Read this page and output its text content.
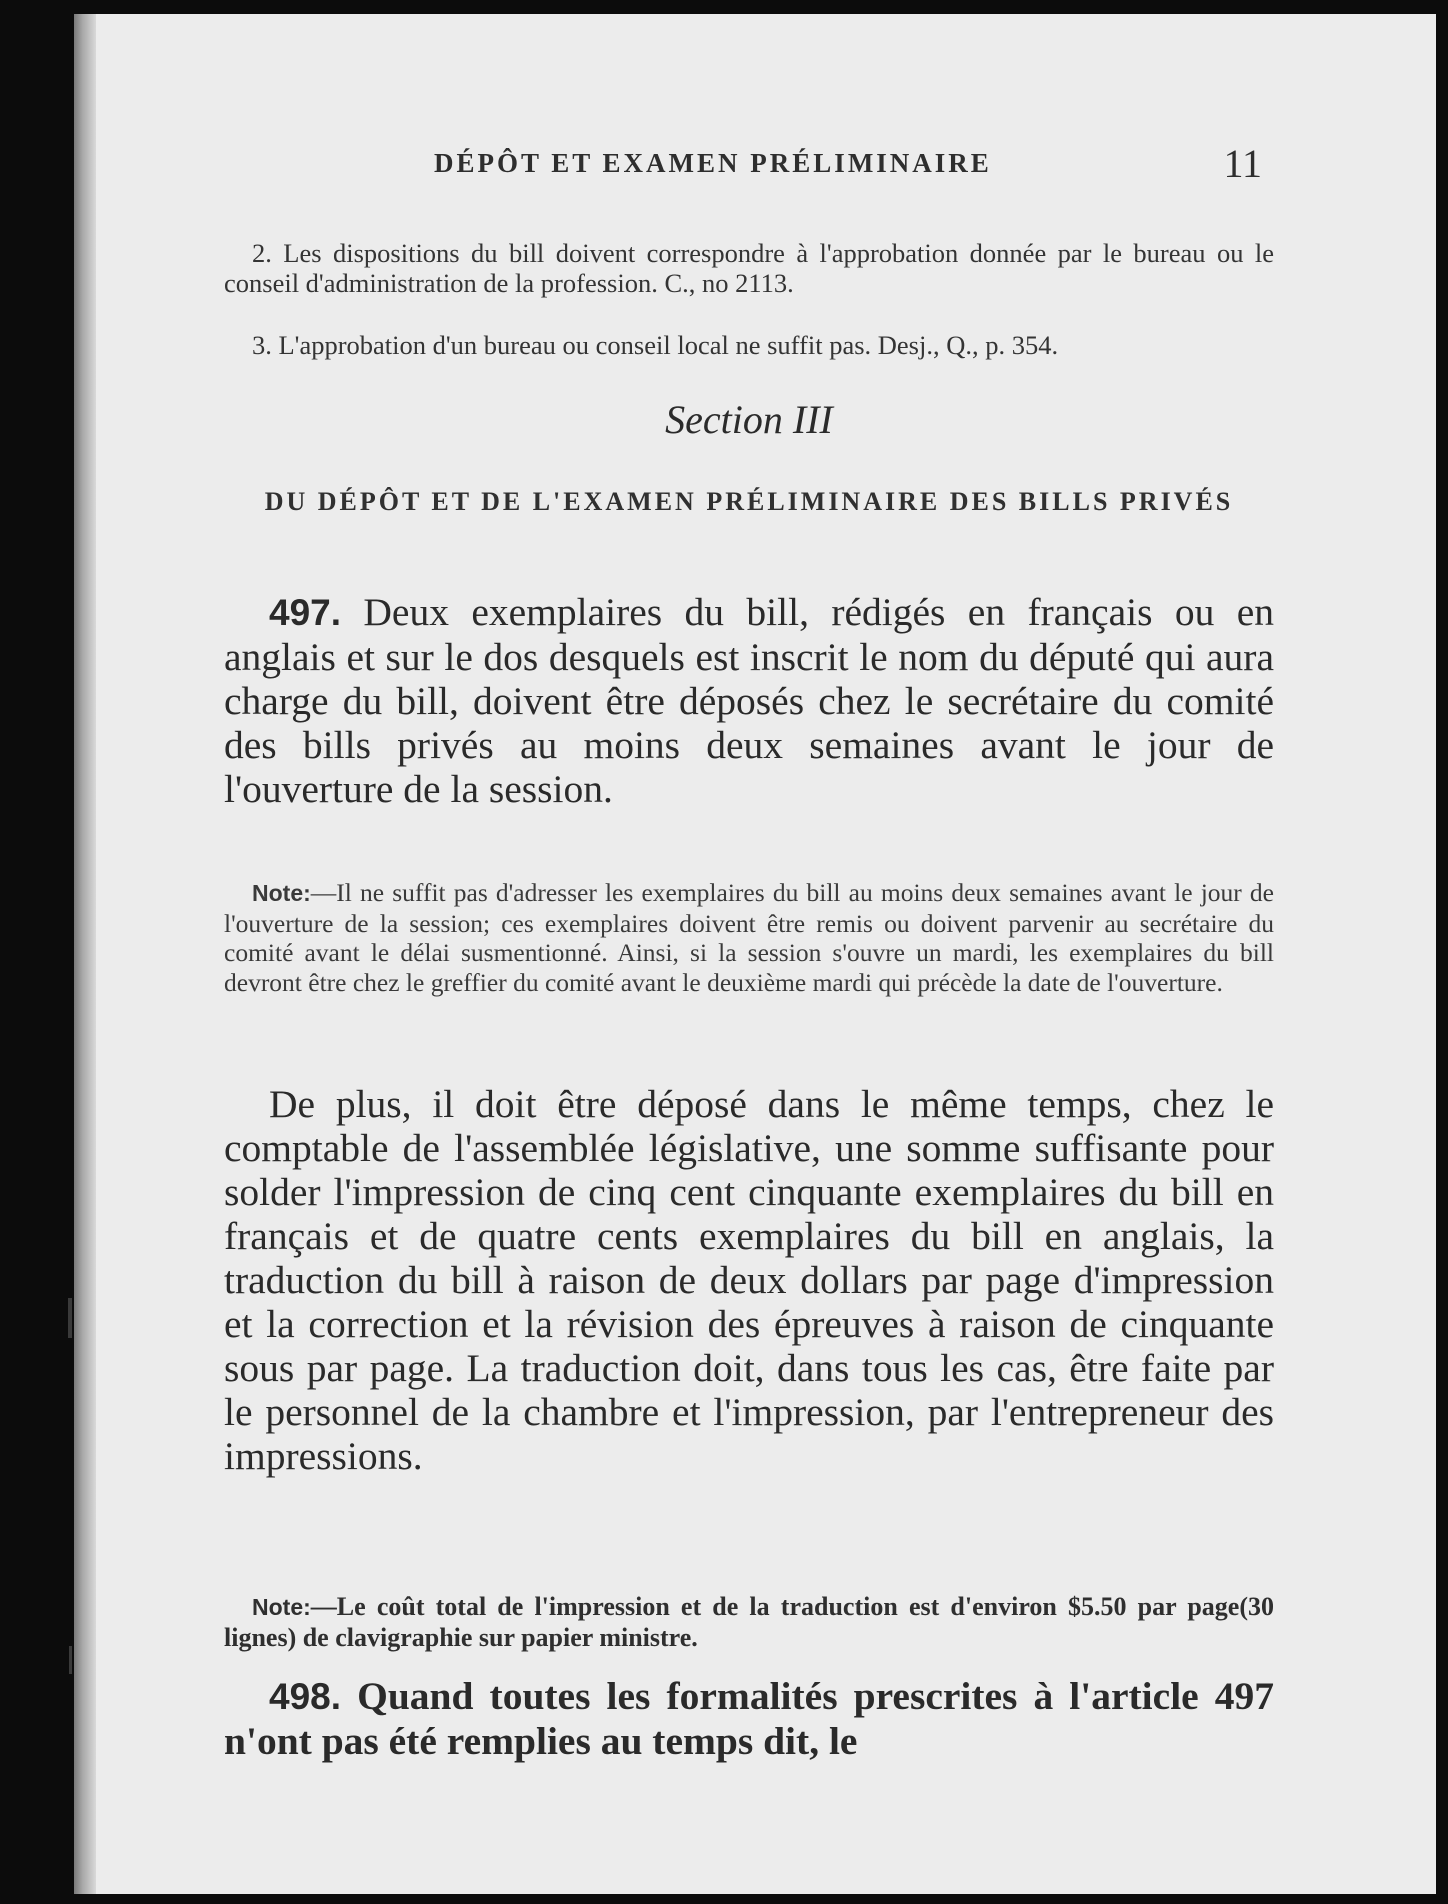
DÉPÔT ET EXAMEN PRÉLIMINAIRE	11

2. Les dispositions du bill doivent correspondre à l'approbation donnée par le bureau ou le conseil d'administration de la profession. C., no 2113.

3. L'approbation d'un bureau ou conseil local ne suffit pas. Desj., Q., p. 354.

Section III
DU DÉPÔT ET DE L'EXAMEN PRÉLIMINAIRE DES BILLS PRIVÉS

497. Deux exemplaires du bill, rédigés en français ou en anglais et sur le dos desquels est inscrit le nom du député qui aura charge du bill, doivent être déposés chez le secrétaire du comité des bills privés au moins deux semaines avant le jour de l'ouverture de la session.

Note:—Il ne suffit pas d'adresser les exemplaires du bill au moins deux semaines avant le jour de l'ouverture de la session; ces exemplaires doivent être remis ou doivent parvenir au secrétaire du comité avant le délai susmentionné. Ainsi, si la session s'ouvre un mardi, les exemplaires du bill devront être chez le greffier du comité avant le deuxième mardi qui précède la date de l'ouverture.

De plus, il doit être déposé dans le même temps, chez le comptable de l'assemblée législative, une somme suffisante pour solder l'impression de cinq cent cinquante exemplaires du bill en français et de quatre cents exemplaires du bill en anglais, la traduction du bill à raison de deux dollars par page d'impression et la correction et la révision des épreuves à raison de cinquante sous par page. La traduction doit, dans tous les cas, être faite par le personnel de la chambre et l'impression, par l'entrepreneur des impressions.

Note:—Le coût total de l'impression et de la traduction est d'environ $5.50 par page(30 lignes) de clavigraphie sur papier ministre.

498. Quand toutes les formalités prescrites à l'article 497 n'ont pas été remplies au temps dit, le
